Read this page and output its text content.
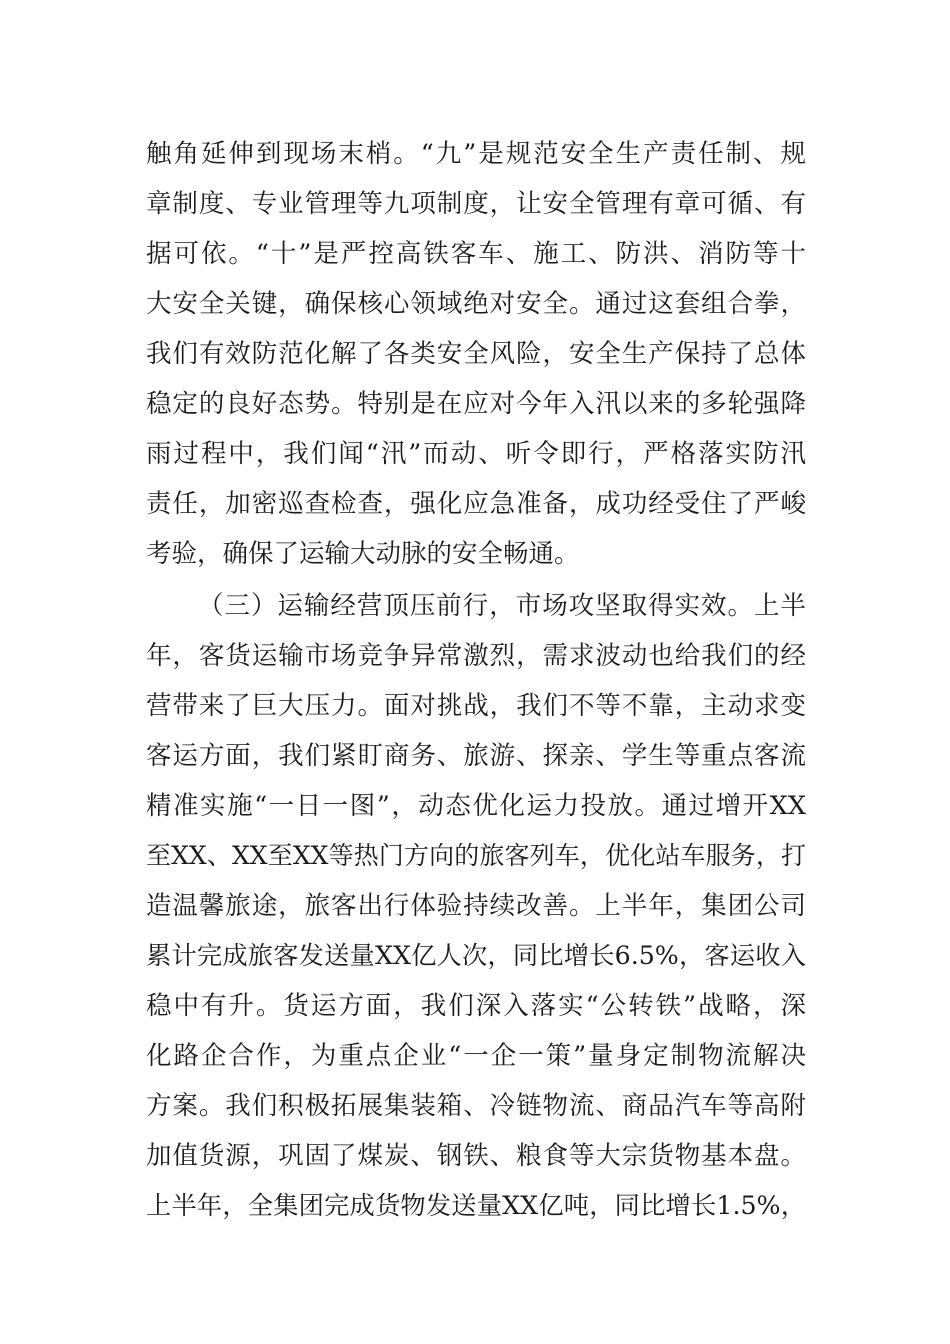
触角延伸到现场末梢。“九”是规范安全生产责任制、规
章制度、专业管理等九项制度，让安全管理有章可循、有
据可依。“十”是严控高铁客车、施工、防洪、消防等十
大安全关键，确保核心领域绝对安全。通过这套组合拳，
我们有效防范化解了各类安全风险，安全生产保持了总体
稳定的良好态势。特别是在应对今年入汛以来的多轮强降
雨过程中，我们闻“汛”而动、听令即行，严格落实防汛
责任，加密巡查检查，强化应急准备，成功经受住了严峻
考验，确保了运输大动脉的安全畅通。
（三）运输经营顶压前行，市场攻坚取得实效。上半
年，客货运输市场竞争异常激烈，需求波动也给我们的经
营带来了巨大压力。面对挑战，我们不等不靠，主动求变
客运方面，我们紧盯商务、旅游、探亲、学生等重点客流
精准实施“一日一图”，动态优化运力投放。通过增开XX
至XX、XX至XX等热门方向的旅客列车，优化站车服务，打
造温馨旅途，旅客出行体验持续改善。上半年，集团公司
累计完成旅客发送量XX亿人次，同比增长6.5%，客运收入
稳中有升。货运方面，我们深入落实“公转铁”战略，深
化路企合作，为重点企业“一企一策”量身定制物流解决
方案。我们积极拓展集装箱、冷链物流、商品汽车等高附
加值货源，巩固了煤炭、钢铁、粮食等大宗货物基本盘。
上半年，全集团完成货物发送量XX亿吨，同比增长1.5%，
